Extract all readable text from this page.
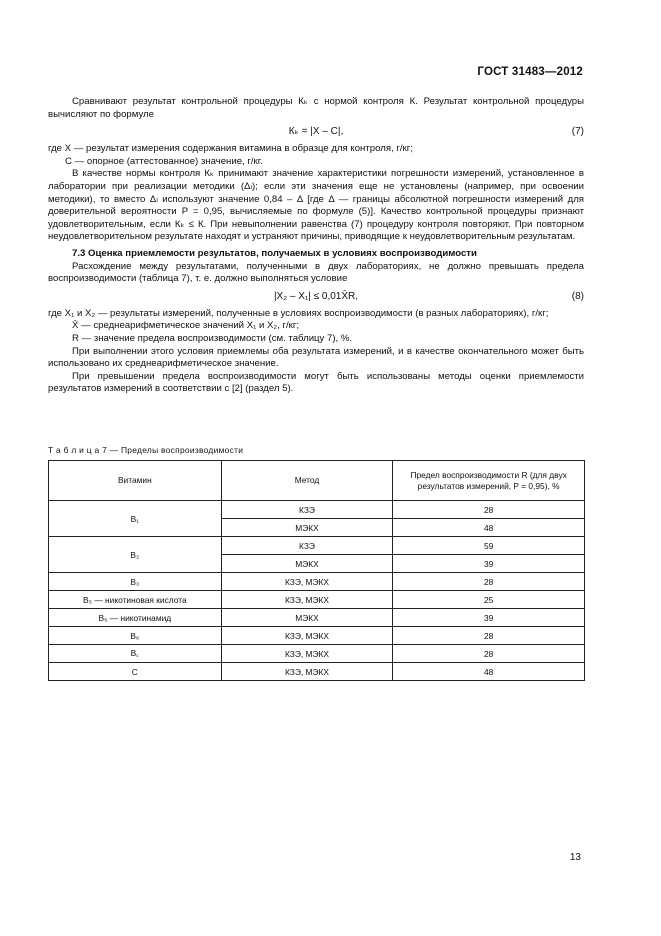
ГОСТ 31483—2012
Сравнивают результат контрольной процедуры Кₖ с нормой контроля К. Результат контрольной процедуры вычисляют по формуле
Кₖ = |X – C|,	(7)
где X — результат измерения содержания витамина в образце для контроля, г/кг;
C — опорное (аттестованное) значение, г/кг.
В качестве нормы контроля Кₖ принимают значение характеристики погрешности измерений, установленное в лаборатории при реализации методики (Δₗ); если эти значения еще не установлены (например, при освоении методики), то вместо Δₗ используют значение 0,84 – Δ [где Δ — границы абсолютной погрешности измерений для доверительной вероятности P = 0,95, вычисляемые по формуле (5)]. Качество контрольной процедуры признают удовлетворительным, если Кₖ ≤ К. При невыполнении равенства (7) процедуру контроля повторяют. При повторном неудовлетворительном результате находят и устраняют причины, приводящие к неудовлетворительным результатам.
7.3 Оценка приемлемости результатов, получаемых в условиях воспроизводимости
Расхождение между результатами, полученными в двух лабораториях, не должно превышать предела воспроизводимости (таблица 7), т. е. должно выполняться условие
|X₂ – X₁| ≤ 0,01X̄R,	(8)
где X₁ и X₂ — результаты измерений, полученные в условиях воспроизводимости (в разных лабораториях), г/кг;
X̄ — среднеарифметическое значений X₁ и X₂, г/кг;
R — значение предела воспроизводимости (см. таблицу 7), %.
При выполнении этого условия приемлемы оба результата измерений, и в качестве окончательного может быть использовано их среднеарифметическое значение.
При превышении предела воспроизводимости могут быть использованы методы оценки приемлемости результатов измерений в соответствии с [2] (раздел 5).
Т а б л и ц а 7 — Пределы воспроизводимости
Витамин	Метод	Предел воспроизводимости R (для двух результатов измерений, P = 0,95), %
B₁	КЗЭ	28
	МЭКХ	48
B₂	КЗЭ	59
	МЭКХ	39
B₃	КЗЭ, МЭКХ	28
B₅ — никотиновая кислота	КЗЭ, МЭКХ	25
B₅ — никотинамид	МЭКХ	39
B₆	КЗЭ, МЭКХ	28
B꜀	КЗЭ, МЭКХ	28
C	КЗЭ, МЭКХ	48
13
